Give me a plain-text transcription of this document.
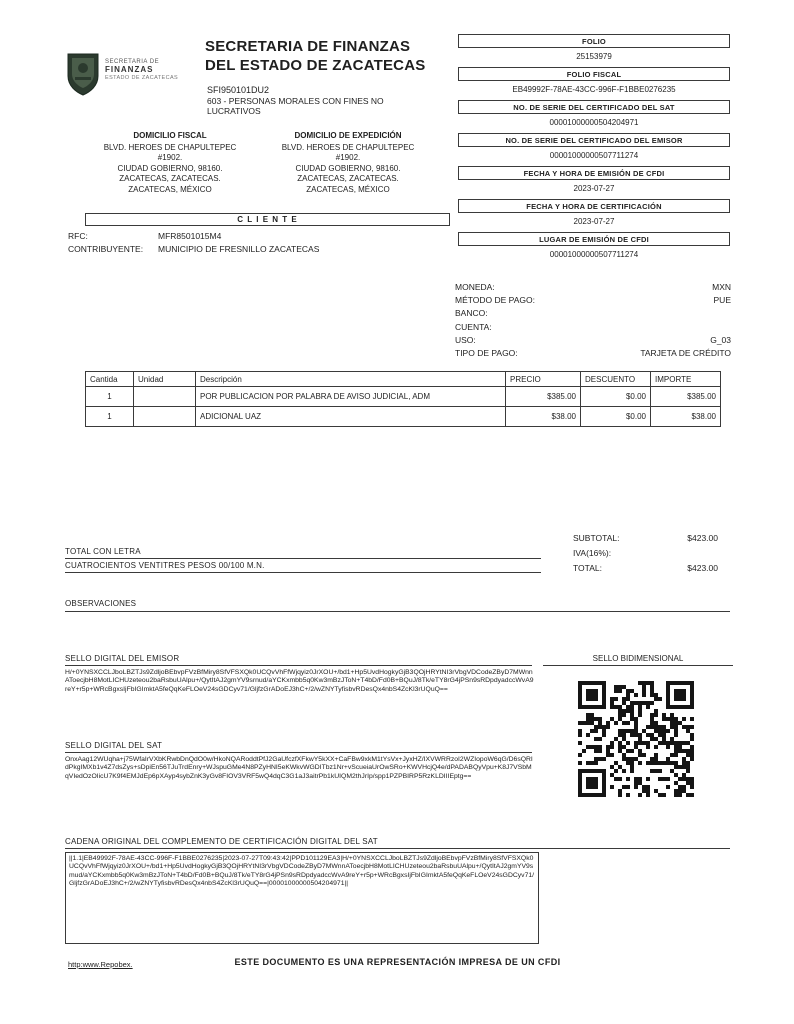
SECRETARIA DE
FINANZAS
ESTADO DE ZACATECAS
SECRETARIA DE FINANZAS
DEL ESTADO DE ZACATECAS
SFI950101DU2
603 - PERSONAS MORALES CON FINES NO LUCRATIVOS
FOLIO
25153979
FOLIO FISCAL
EB49992F-78AE-43CC-996F-F1BBE0276235
NO. DE SERIE DEL CERTIFICADO DEL SAT
00001000000504204971
NO. DE SERIE DEL CERTIFICADO DEL EMISOR
00001000000507711274
FECHA Y HORA DE EMISIÓN DE CFDI
2023-07-27
FECHA Y HORA DE CERTIFICACIÓN
2023-07-27
LUGAR DE EMISIÓN DE CFDI
00001000000507711274
DOMICILIO FISCAL
BLVD. HEROES DE CHAPULTEPEC
#1902.
CIUDAD GOBIERNO, 98160.
ZACATECAS, ZACATECAS.
ZACATECAS, MÉXICO
DOMICILIO DE EXPEDICIÓN
BLVD. HEROES DE CHAPULTEPEC
#1902.
CIUDAD GOBIERNO, 98160.
ZACATECAS, ZACATECAS.
ZACATECAS, MÉXICO
C L I E N T E
RFC:	MFR8501015M4
CONTRIBUYENTE: MUNICIPIO DE FRESNILLO ZACATECAS
MONEDA:	MXN
MÉTODO DE PAGO:	PUE
BANCO:
CUENTA:
USO:	G_03
TIPO DE PAGO:	TARJETA DE CRÉDITO
Cantida	Unidad	Descripción	PRECIO	DESCUENTO	IMPORTE
1		POR PUBLICACION POR PALABRA DE AVISO JUDICIAL, ADM	$385.00	$0.00	$385.00
1		ADICIONAL UAZ	$38.00	$0.00	$38.00
SUBTOTAL:	$423.00
IVA(16%):
TOTAL:	$423.00
TOTAL CON LETRA
CUATROCIENTOS VENTITRES PESOS 00/100 M.N.
OBSERVACIONES
SELLO DIGITAL DEL EMISOR
H/+0YNSXCCLJboLBZTJs9ZdljoBEbvpFVzBfMiry8SfVFSXQk0UCQvVhFfWjqyiz0JrXOU+/bd1+Hp5UvdHogkyGjB3QOjHRYtNI3rVbgVDCodeZByD7MWnnAToecjbH8MotLICHUzeteou2baRsbuUAlpu+/QytItAJ2gmYV9srnud/aYCKxmbb5q0Kw3mBzJToN+T4bD/Fd0B+BQuJ/8Tk/eTY8rG4jPSn9sRDpdyadccWvA9reY+r5p+WRcBgxsIjFbIGImktA5feQqKeFLOeV24sGDCyv71/GljfzGrADoEJ3hC+/2/wZNYTyfisbvRDesQx4nbS4ZcKl3rUQuQ==
SELLO BIDIMENSIONAL
SELLO DIGITAL DEL SAT
OnxAag12WUqha+j75WfaIrVXbKRwbDnQdO0w/HkoNQARoddtPfJ2GaUfczfXFkwY5kXX+CaFBw9xkM1tYsVx+JyxHZ/IXVWRRzoI2WZIopoW6qG/D6sQRIdPkgIMXb1v4Z7dsZys+sDpiEn56TJuTrdEnry+WJspuGMe4N8PZyHNI5eKWkvWGDITbz1Nr+vScueiaUrOwSRo+KWVHcjQ4e/dPADABQyVpu+K8J7VSbMqVIedOzOIicU7K9f4EMJdEp6pXAyp4sybZnK3yGv8FIOV3VRF5wQ4dqC3G1aJ3aitrPb1kUIQM2thJrIp/spp1PZPBIRP5RzKLDIIIEptg==
CADENA ORIGINAL DEL COMPLEMENTO DE CERTIFICACIÓN DIGITAL DEL SAT
||1.1|EB49992F-78AE-43CC-996F-F1BBE0276235|2023-07-27T09:43:42|PPD101129EA3|H/+0YNSXCCLJboLBZTJs9ZdljoBEbvpFVzBfMiry8SfVFSXQk0UCQvVhFfWjqyiz0JrXOU+/bd1+Hp5UvdHogkyGjB3QOjHRYtNI3rVbgVDCodeZByD7MWnnAToecjbH8MotLICHUzeteou2baRsbuUAlpu+/QytItAJ2gmYV9smud/aYCKxmbb5q0Kw3mBzJToN+T4bD/Fd0B+BQuJ/8Tk/eTY8rG4jPSn9sRDpdyadccWvA9reY+r5p+WRcBgxsIjFbIGImktA5feQqKeFLOeV24sGDCyv71/GljfzGrADoEJ3hC+/2/wZNYTyfisbvRDesQx4nbS4ZcKl3rUQuQ==|00001000000504204971||
http:www.Repobex.	ESTE DOCUMENTO ES UNA REPRESENTACIÓN IMPRESA DE UN CFDI
